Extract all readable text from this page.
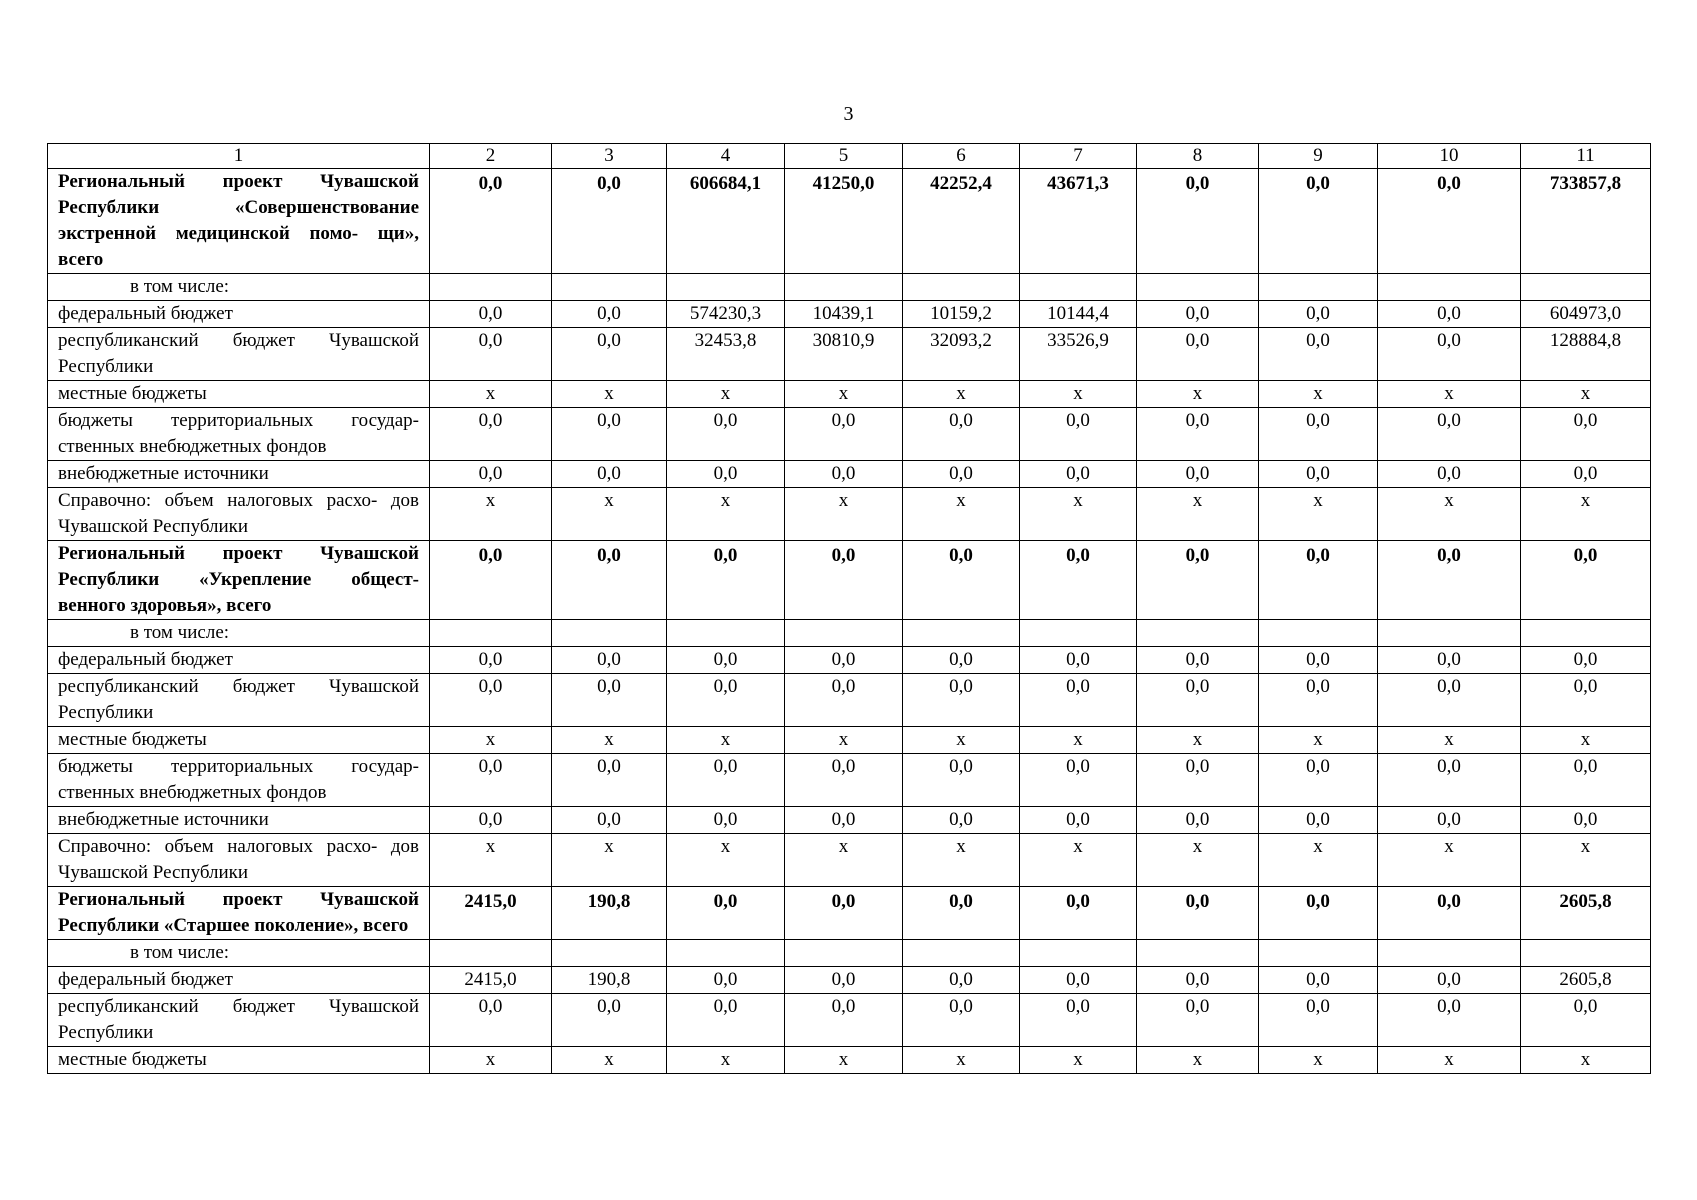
3
1	2	3	4	5	6	7	8	9	10	11
Региональный проект Чувашской Республики «Совершенствование экстренной медицинской помо- щи», всего	0,0	0,0	606684,1	41250,0	42252,4	43671,3	0,0	0,0	0,0	733857,8
в том числе:										
федеральный бюджет	0,0	0,0	574230,3	10439,1	10159,2	10144,4	0,0	0,0	0,0	604973,0
республиканский бюджет Чувашской Республики	0,0	0,0	32453,8	30810,9	32093,2	33526,9	0,0	0,0	0,0	128884,8
местные бюджеты	x	x	x	x	x	x	x	x	x	x
бюджеты территориальных государ- ственных внебюджетных фондов	0,0	0,0	0,0	0,0	0,0	0,0	0,0	0,0	0,0	0,0
внебюджетные источники	0,0	0,0	0,0	0,0	0,0	0,0	0,0	0,0	0,0	0,0
Справочно: объем налоговых расхо- дов Чувашской Республики	x	x	x	x	x	x	x	x	x	x
Региональный проект Чувашской Республики «Укрепление общест- венного здоровья», всего	0,0	0,0	0,0	0,0	0,0	0,0	0,0	0,0	0,0	0,0
в том числе:										
федеральный бюджет	0,0	0,0	0,0	0,0	0,0	0,0	0,0	0,0	0,0	0,0
республиканский бюджет Чувашской Республики	0,0	0,0	0,0	0,0	0,0	0,0	0,0	0,0	0,0	0,0
местные бюджеты	x	x	x	x	x	x	x	x	x	x
бюджеты территориальных государ- ственных внебюджетных фондов	0,0	0,0	0,0	0,0	0,0	0,0	0,0	0,0	0,0	0,0
внебюджетные источники	0,0	0,0	0,0	0,0	0,0	0,0	0,0	0,0	0,0	0,0
Справочно: объем налоговых расхо- дов Чувашской Республики	x	x	x	x	x	x	x	x	x	x
Региональный проект Чувашской Республики «Старшее поколение», всего	2415,0	190,8	0,0	0,0	0,0	0,0	0,0	0,0	0,0	2605,8
в том числе:										
федеральный бюджет	2415,0	190,8	0,0	0,0	0,0	0,0	0,0	0,0	0,0	2605,8
республиканский бюджет Чувашской Республики	0,0	0,0	0,0	0,0	0,0	0,0	0,0	0,0	0,0	0,0
местные бюджеты	x	x	x	x	x	x	x	x	x	x
